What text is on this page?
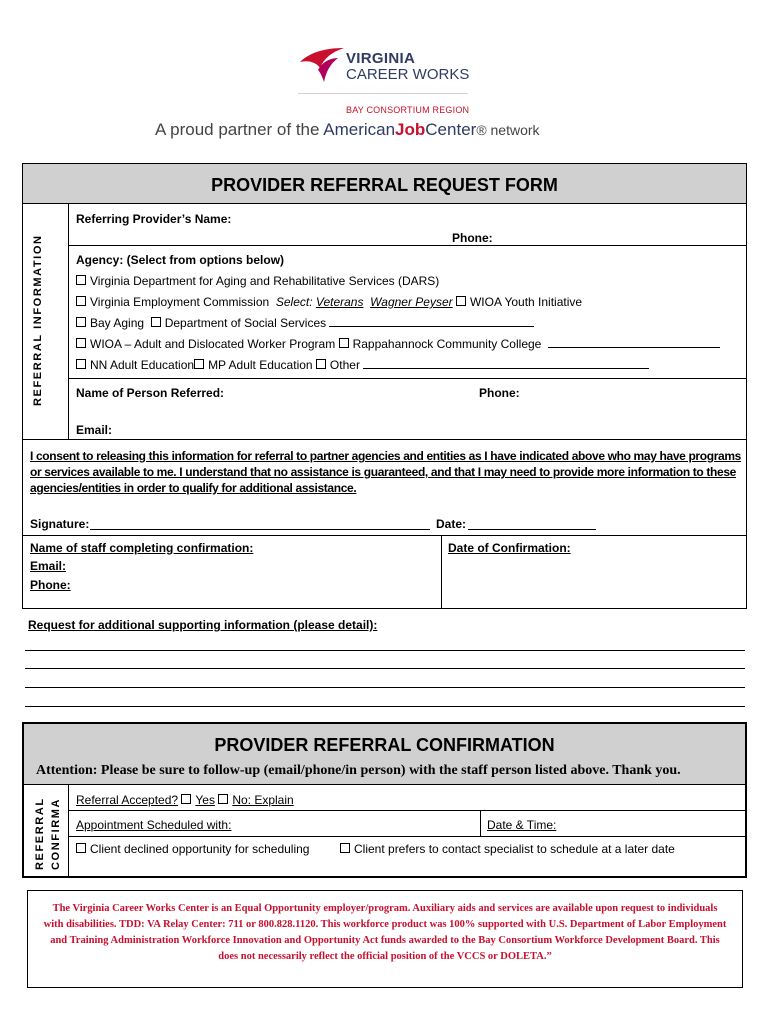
VIRGINIA
CAREER WORKS
BAY CONSORTIUM REGION
A proud partner of the AmericanJobCenter® network
PROVIDER REFERRAL REQUEST FORM
REFERRAL INFORMATION
Referring Provider’s Name:
Phone:
Agency: (Select from options below)
Virginia Department for Aging and Rehabilitative Services (DARS)
Virginia Employment Commission Select: Veterans Wagner Peyser WIOA Youth Initiative
Bay Aging Department of Social Services
WIOA – Adult and Dislocated Worker Program Rappahannock Community College
NN Adult Education MP Adult Education Other
Name of Person Referred:	Phone:
Email:
I consent to releasing this information for referral to partner agencies and entities as I have indicated above who may have programs or services available to me. I understand that no assistance is guaranteed, and that I may need to provide more information to these agencies/entities in order to qualify for additional assistance.
Signature:	Date:
Name of staff completing confirmation:
Email:
Phone:
Date of Confirmation:
Request for additional supporting information (please detail):
PROVIDER REFERRAL CONFIRMATION
Attention: Please be sure to follow-up (email/phone/in person) with the staff person listed above. Thank you.
REFERRAL CONFIRMA Referral Accepted? Yes No: Explain
Appointment Scheduled with:	Date & Time:
Client declined opportunity for scheduling	Client prefers to contact specialist to schedule at a later date
The Virginia Career Works Center is an Equal Opportunity employer/program. Auxiliary aids and services are available upon request to individuals with disabilities. TDD: VA Relay Center: 711 or 800.828.1120. This workforce product was 100% supported with U.S. Department of Labor Employment and Training Administration Workforce Innovation and Opportunity Act funds awarded to the Bay Consortium Workforce Development Board. This does not necessarily reflect the official position of the VCCS or DOLETA.”
